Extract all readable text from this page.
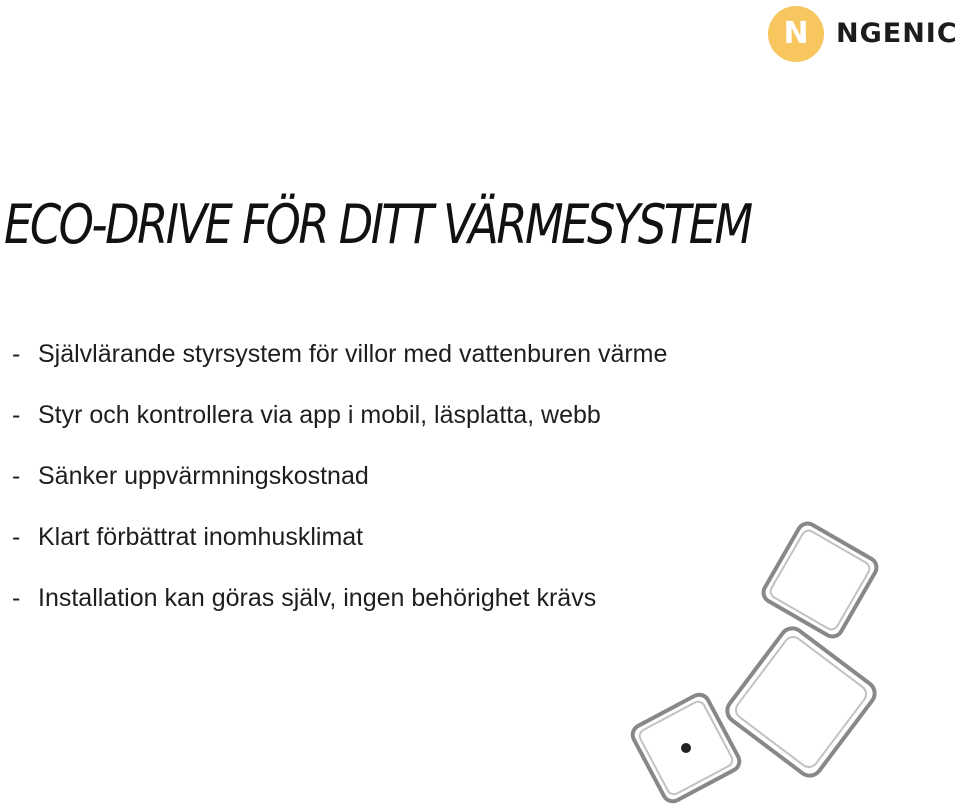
N NGENIC
ECO-DRIVE FÖR DITT VÄRMESYSTEM
- Självlärande styrsystem för villor med vattenburen värme
- Styr och kontrollera via app i mobil, läsplatta, webb
- Sänker uppvärmningskostnad
- Klart förbättrat inomhusklimat
- Installation kan göras själv, ingen behörighet krävs
